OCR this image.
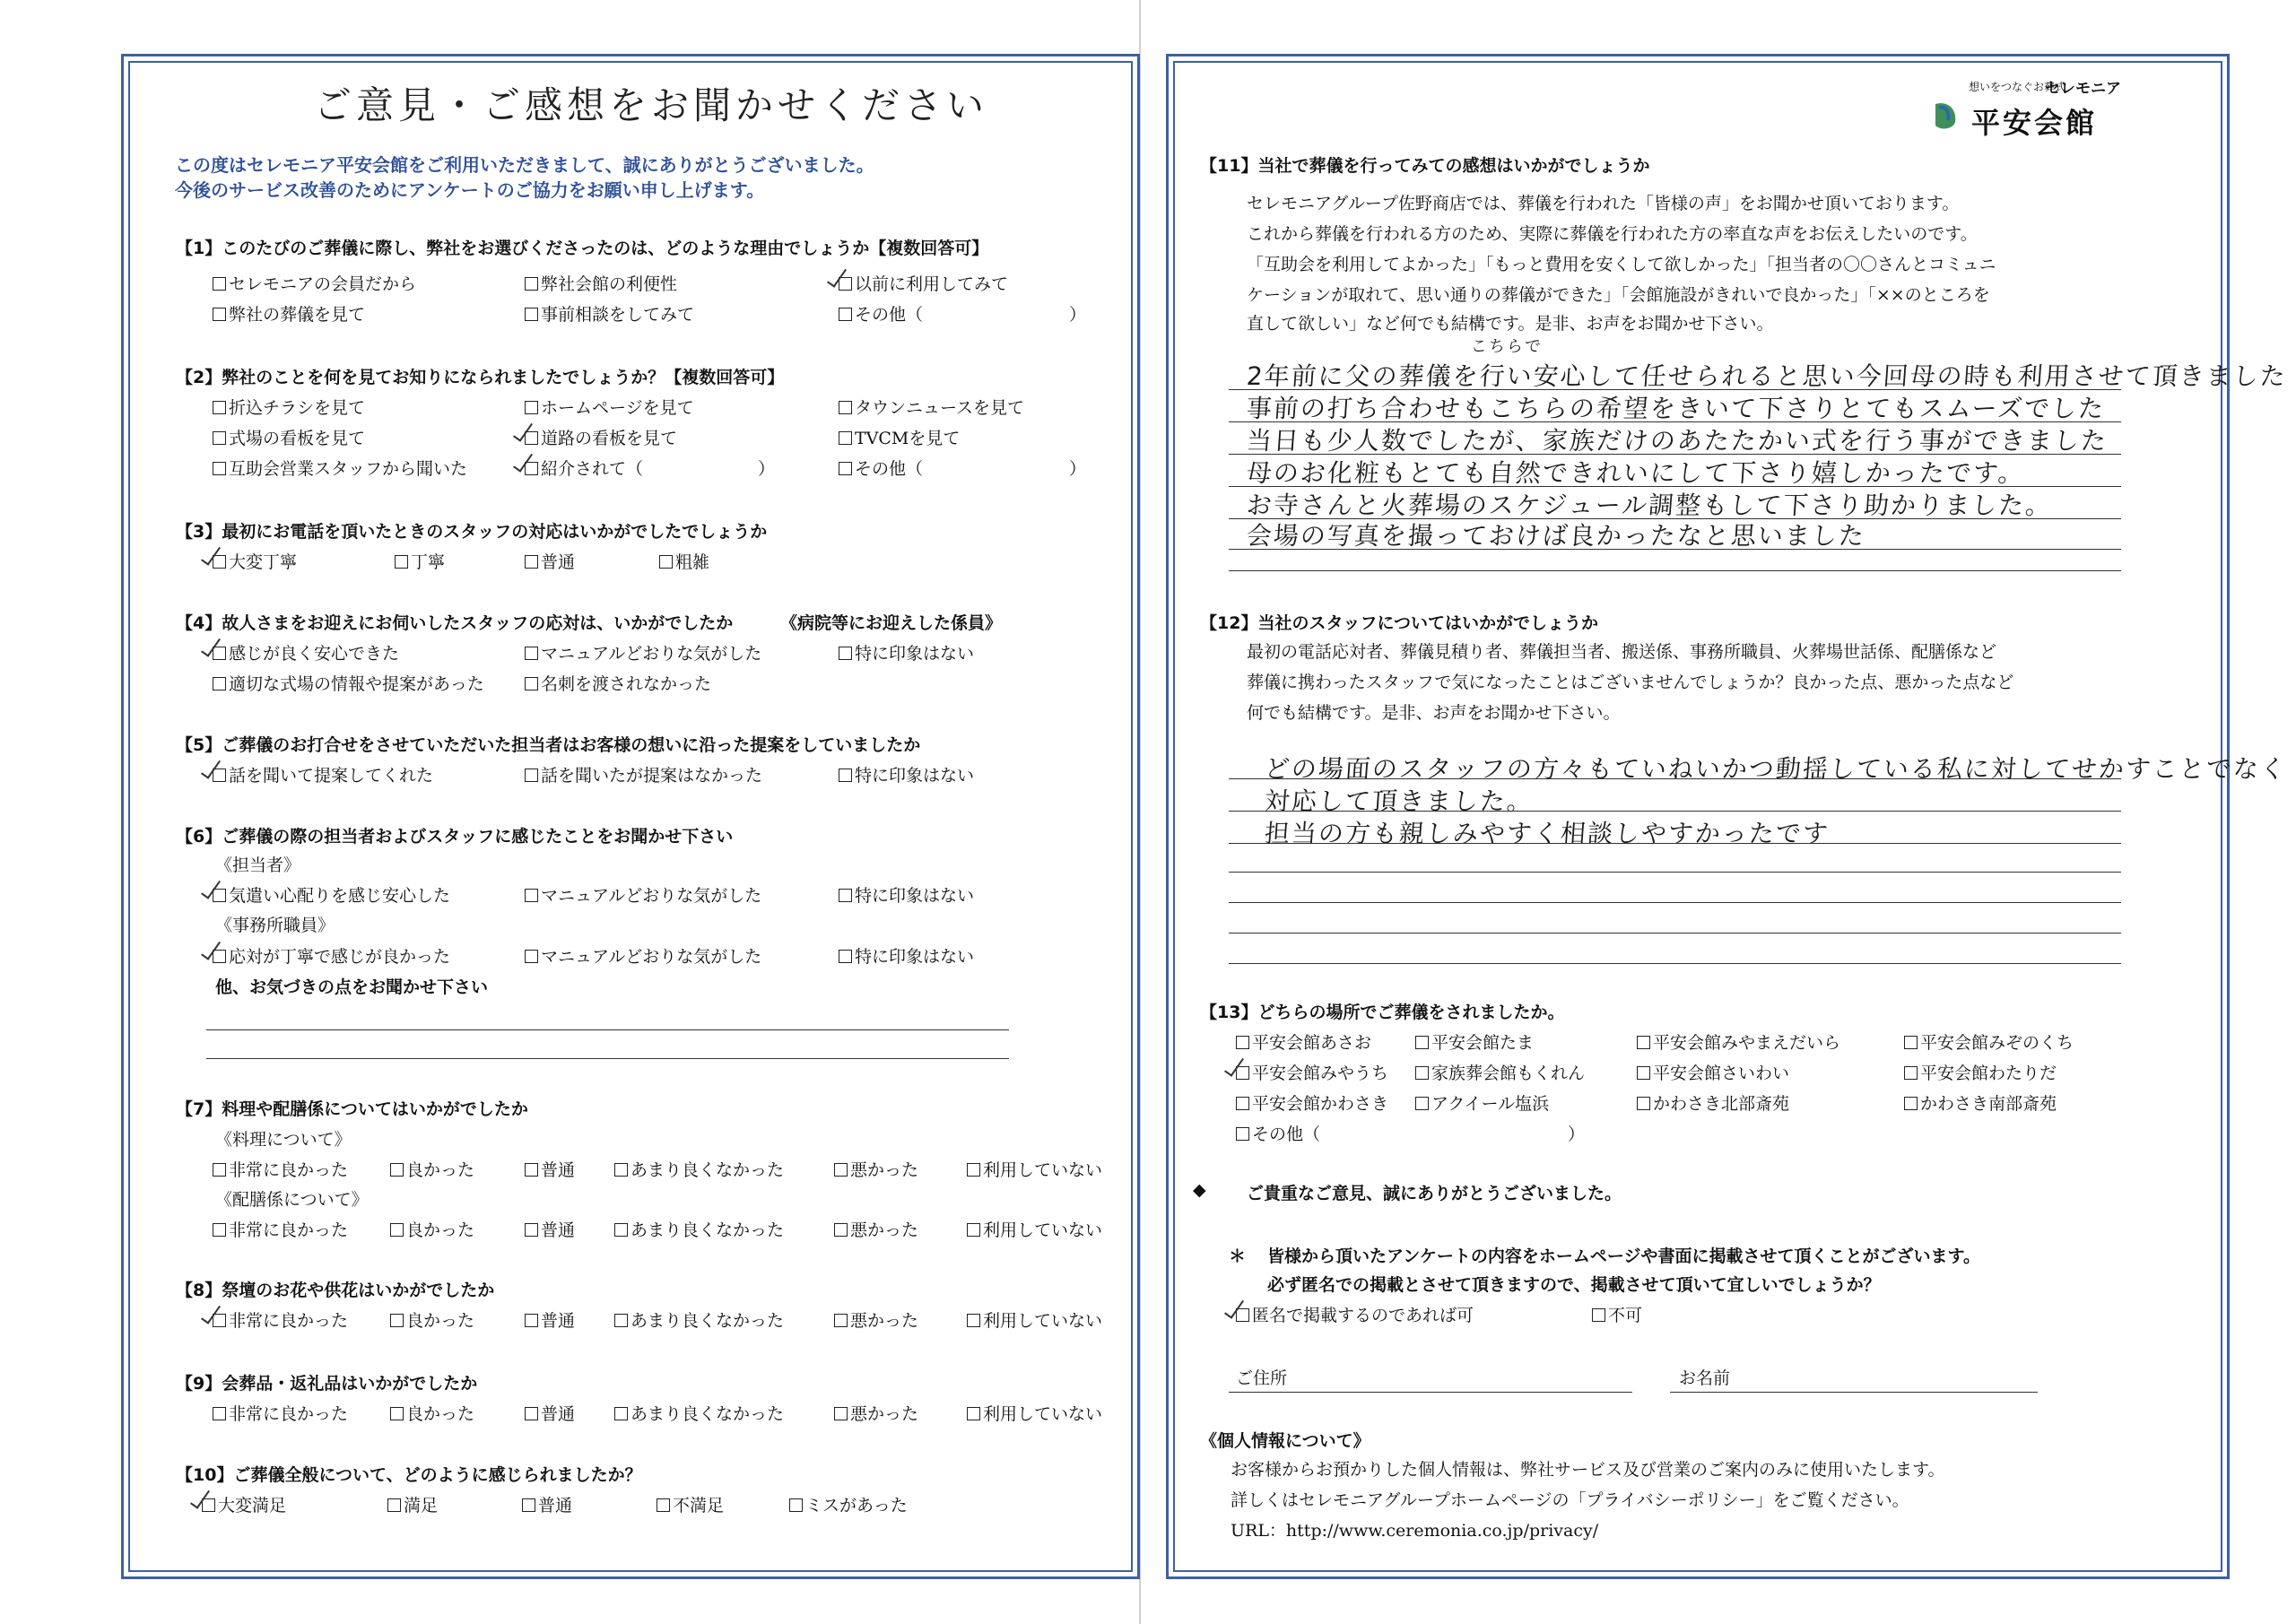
ご意見・ご感想をお聞かせください
この度はセレモニア平安会館をご利用いただきまして、誠にありがとうございました。
今後のサービス改善のためにアンケートのご協力をお願い申し上げます。
【1】このたびのご葬儀に際し、弊社をお選びくださったのは、どのような理由でしょうか【複数回答可】
セレモニアの会員だから	弊社会館の利便性	以前に利用してみて
弊社の葬儀を見て	事前相談をしてみて	その他（	）
【2】弊社のことを何を見てお知りになられましたでしょうか？【複数回答可】
折込チラシを見て	ホームページを見て	タウンニュースを見て
式場の看板を見て	道路の看板を見て	TVCMを見て
互助会営業スタッフから聞いた	紹介されて（	）	その他（	）
【3】最初にお電話を頂いたときのスタッフの対応はいかがでしたでしょうか
大変丁寧	丁寧	普通	粗雑
【4】故人さまをお迎えにお伺いしたスタッフの応対は、いかがでしたか	《病院等にお迎えした係員》
感じが良く安心できた	マニュアルどおりな気がした	特に印象はない
適切な式場の情報や提案があった	名刺を渡されなかった
【5】ご葬儀のお打合せをさせていただいた担当者はお客様の想いに沿った提案をしていましたか
話を聞いて提案してくれた	話を聞いたが提案はなかった	特に印象はない
【6】ご葬儀の際の担当者およびスタッフに感じたことをお聞かせ下さい
《担当者》
気遣い心配りを感じ安心した	マニュアルどおりな気がした	特に印象はない
《事務所職員》
応対が丁寧で感じが良かった	マニュアルどおりな気がした	特に印象はない
他、お気づきの点をお聞かせ下さい
【7】料理や配膳係についてはいかがでしたか
《料理について》
非常に良かった	良かった	普通	あまり良くなかった	悪かった	利用していない
《配膳係について》
非常に良かった	良かった	普通	あまり良くなかった	悪かった	利用していない
【8】祭壇のお花や供花はいかがでしたか
非常に良かった	良かった	普通	あまり良くなかった	悪かった	利用していない
【9】会葬品・返礼品はいかがでしたか
非常に良かった	良かった	普通	あまり良くなかった	悪かった	利用していない
【10】ご葬儀全般について、どのように感じられましたか？
大変満足	満足	普通	不満足	ミスがあった
想いをつなぐお葬式
セレモニア
平安会館
【11】当社で葬儀を行ってみての感想はいかがでしょうか
セレモニアグループ佐野商店では、葬儀を行われた「皆様の声」をお聞かせ頂いております。
これから葬儀を行われる方のため、実際に葬儀を行われた方の率直な声をお伝えしたいのです。
「互助会を利用してよかった」「もっと費用を安くして欲しかった」「担当者の〇〇さんとコミュニ
ケーションが取れて、思い通りの葬儀ができた」「会館施設がきれいで良かった」「××のところを
直して欲しい」など何でも結構です。是非、お声をお聞かせ下さい。
こちらで
2年前に父の葬儀を行い安心して任せられると思い今回母の時も利用させて頂きました
事前の打ち合わせもこちらの希望をきいて下さりとてもスムーズでした
当日も少人数でしたが、家族だけのあたたかい式を行う事ができました
母のお化粧もとても自然できれいにして下さり嬉しかったです。
お寺さんと火葬場のスケジュール調整もして下さり助かりました。
会場の写真を撮っておけば良かったなと思いました
【12】当社のスタッフについてはいかがでしょうか
最初の電話応対者、葬儀見積り者、葬儀担当者、搬送係、事務所職員、火葬場世話係、配膳係など
葬儀に携わったスタッフで気になったことはございませんでしょうか？良かった点、悪かった点など
何でも結構です。是非、お声をお聞かせ下さい。
どの場面のスタッフの方々もていねいかつ動揺している私に対してせかすことでなく
対応して頂きました。
担当の方も親しみやすく相談しやすかったです
【13】どちらの場所でご葬儀をされましたか。
平安会館あさお	平安会館たま	平安会館みやまえだいら	平安会館みぞのくち
平安会館みやうち	家族葬会館もくれん	平安会館さいわい	平安会館わたりだ
平安会館かわさき	アクイール塩浜	かわさき北部斎苑	かわさき南部斎苑
その他（	）
◆ ご貴重なご意見、誠にありがとうございました。
＊ 皆様から頂いたアンケートの内容をホームページや書面に掲載させて頂くことがございます。
必ず匿名での掲載とさせて頂きますので、掲載させて頂いて宜しいでしょうか？
匿名で掲載するのであれば可	不可
ご住所	お名前
《個人情報について》
お客様からお預かりした個人情報は、弊社サービス及び営業のご案内のみに使用いたします。
詳しくはセレモニアグループホームページの「プライバシーポリシー」をご覧ください。
URL：http://www.ceremonia.co.jp/privacy/
